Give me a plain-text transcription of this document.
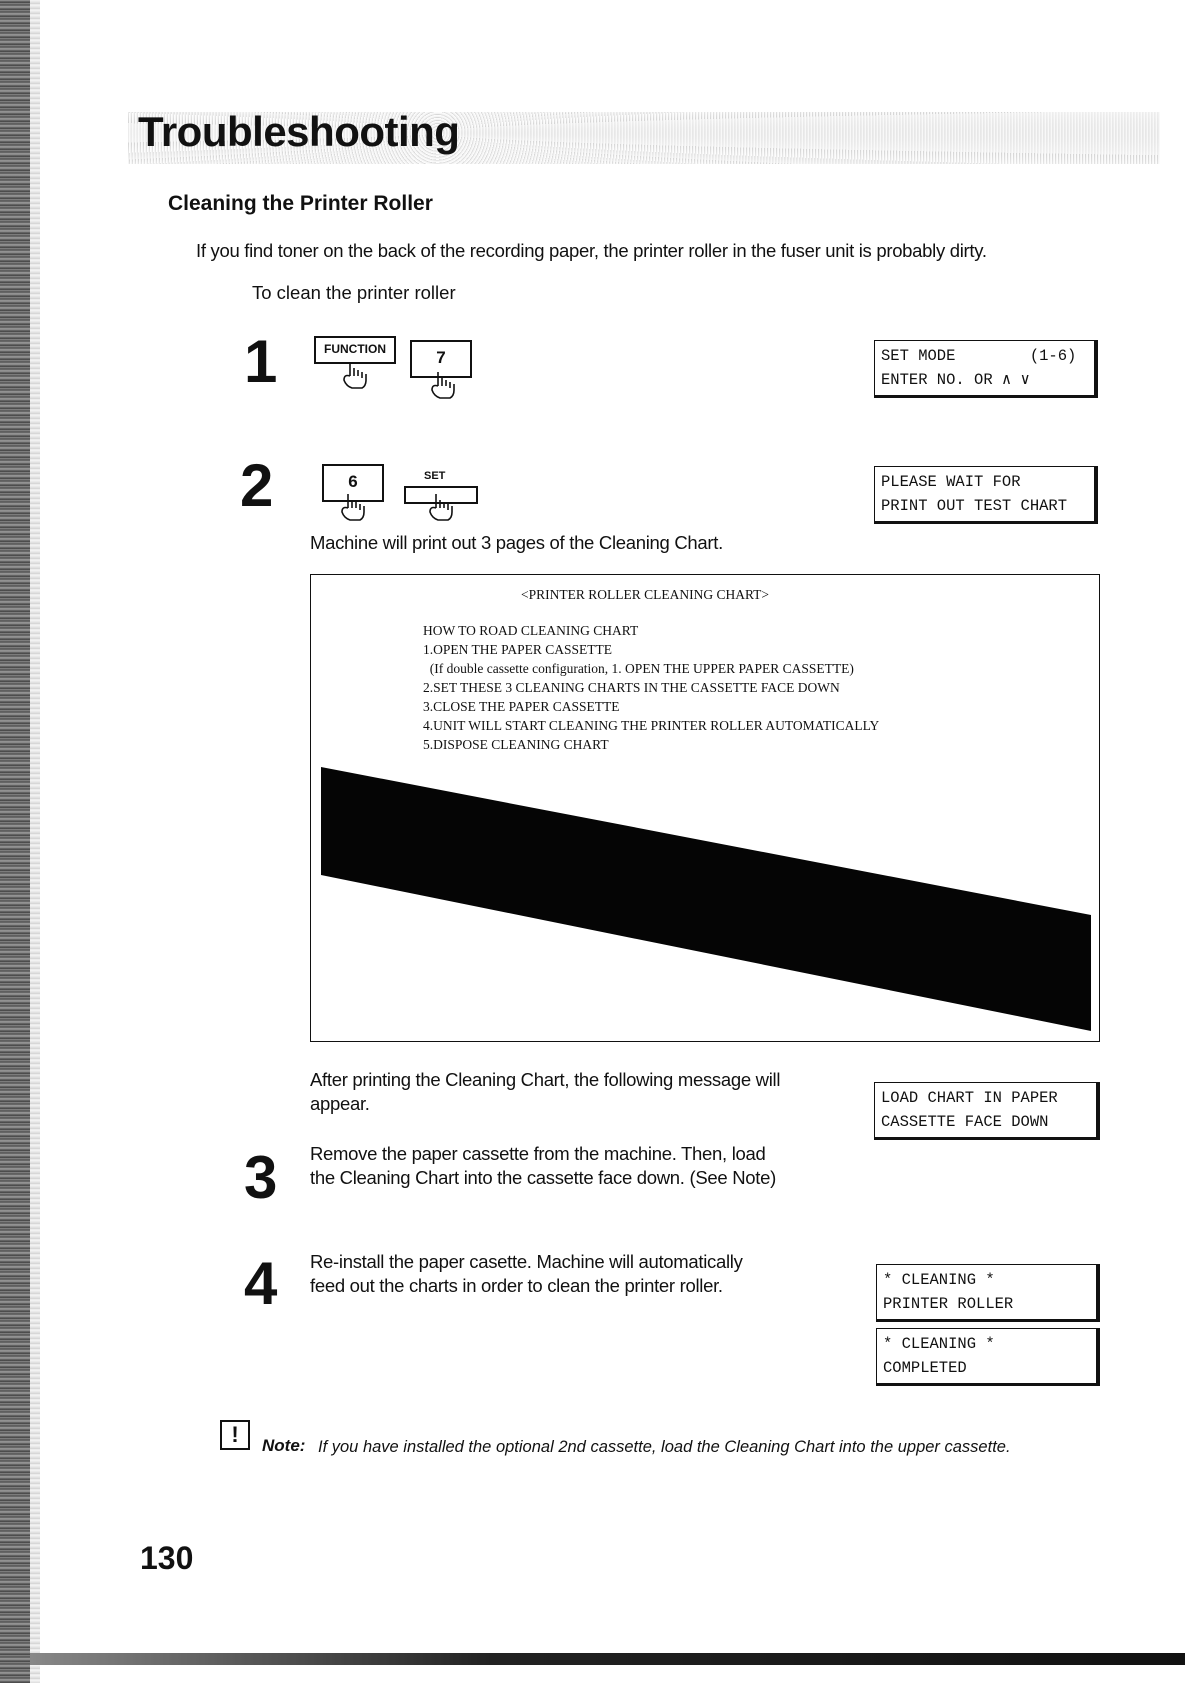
Troubleshooting
Cleaning the Printer Roller
If you find toner on the back of the recording paper, the printer roller in the fuser unit is probably dirty.
To clean the printer roller
1	FUNCTION	7	SET MODE        (1-6)
ENTER NO. OR ∧ ∨
2	6	SET	PLEASE WAIT FOR
PRINT OUT TEST CHART
Machine will print out 3 pages of the Cleaning Chart.
<PRINTER ROLLER CLEANING CHART>
HOW TO ROAD CLEANING CHART
1.OPEN THE PAPER CASSETTE
(If double cassette configuration, 1. OPEN THE UPPER PAPER CASSETTE)
2.SET THESE 3 CLEANING CHARTS IN THE CASSETTE FACE DOWN
3.CLOSE THE PAPER CASSETTE
4.UNIT WILL START CLEANING THE PRINTER ROLLER AUTOMATICALLY
5.DISPOSE CLEANING CHART
After printing the Cleaning Chart, the following message will
appear.	LOAD CHART IN PAPER
CASSETTE FACE DOWN
3 Remove the paper cassette from the machine. Then, load
the Cleaning Chart into the cassette face down. (See Note)
4 Re-install the paper casette. Machine will automatically
feed out the charts in order to clean the printer roller.	* CLEANING *
PRINTER ROLLER
* CLEANING *
COMPLETED
!	Note: If you have installed the optional 2nd cassette, load the Cleaning Chart into the upper cassette.
130
